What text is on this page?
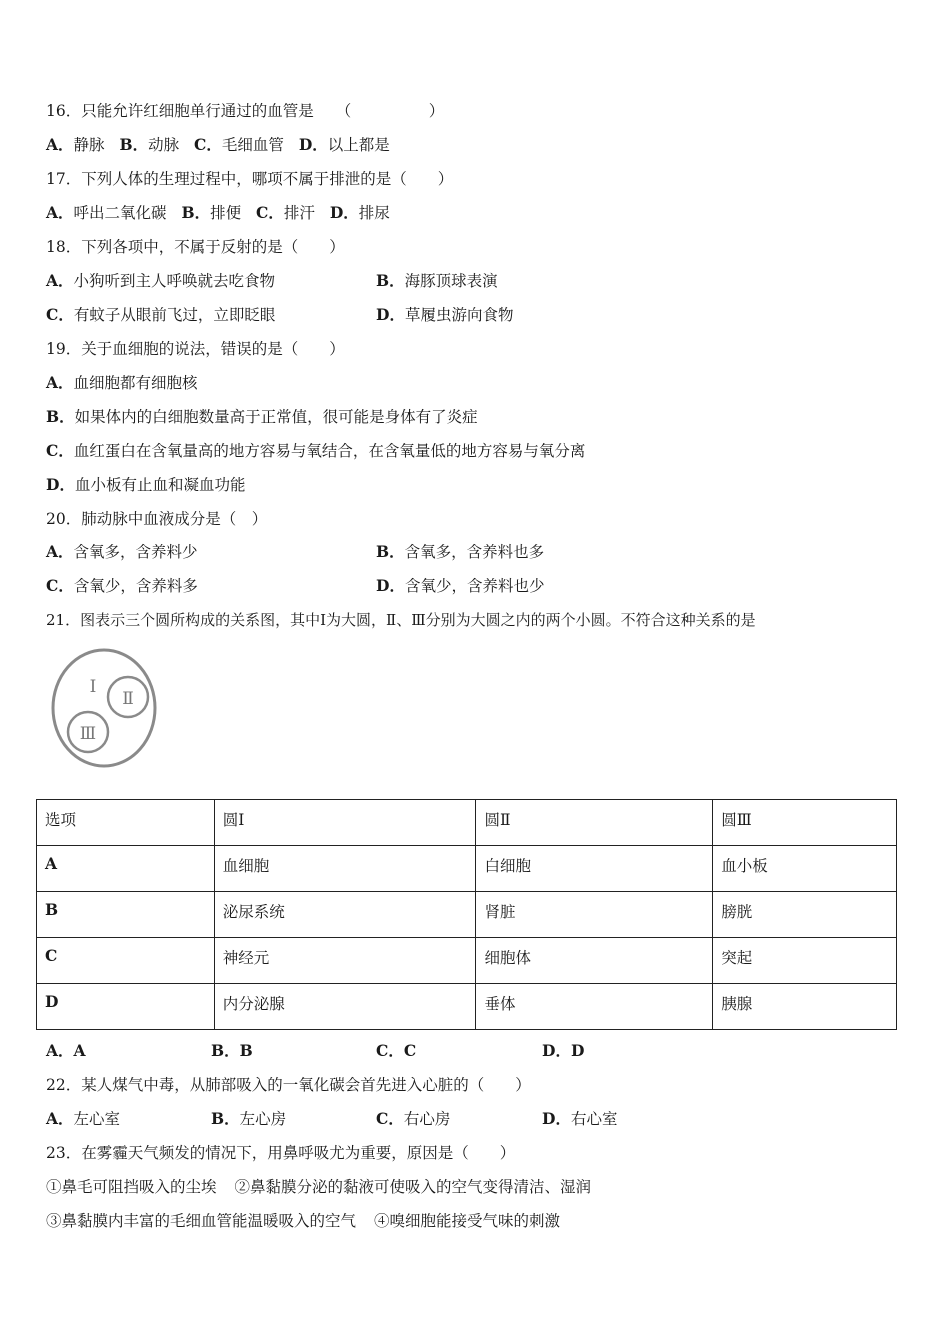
16．只能允许红细胞单行通过的血管是 （　　　　　）
A．静脉 B．动脉 C．毛细血管 D．以上都是
17．下列人体的生理过程中，哪项不属于排泄的是（　　）
A．呼出二氧化碳 B．排便 C．排汗 D．排尿
18．下列各项中，不属于反射的是（　　）
A．小狗听到主人呼唤就去吃食物	B．海豚顶球表演
C．有蚊子从眼前飞过，立即眨眼	D．草履虫游向食物
19．关于血细胞的说法，错误的是（　　）
A．血细胞都有细胞核
B．如果体内的白细胞数量高于正常值，很可能是身体有了炎症
C．血红蛋白在含氧量高的地方容易与氧结合，在含氧量低的地方容易与氧分离
D．血小板有止血和凝血功能
20．肺动脉中血液成分是（　）
A．含氧多，含养料少	B．含氧多，含养料也多
C．含氧少，含养料多	D．含氧少，含养料也少
21．图表示三个圆所构成的关系图，其中Ⅰ为大圆，Ⅱ、Ⅲ分别为大圆之内的两个小圆。不符合这种关系的是
Ⅰ
Ⅱ
Ⅲ
选项	圆Ⅰ	圆Ⅱ	圆Ⅲ
A	血细胞	白细胞	血小板
B	泌尿系统	肾脏	膀胱
C	神经元	细胞体	突起
D	内分泌腺	垂体	胰腺
A．A	B．B	C．C	D．D
22．某人煤气中毒，从肺部吸入的一氧化碳会首先进入心脏的（　　）
A．左心室	B．左心房	C．右心房	D．右心室
23．在雾霾天气频发的情况下，用鼻呼吸尤为重要，原因是（　　）
①鼻毛可阻挡吸入的尘埃 ②鼻黏膜分泌的黏液可使吸入的空气变得清洁、湿润
③鼻黏膜内丰富的毛细血管能温暖吸入的空气 ④嗅细胞能接受气味的刺激
